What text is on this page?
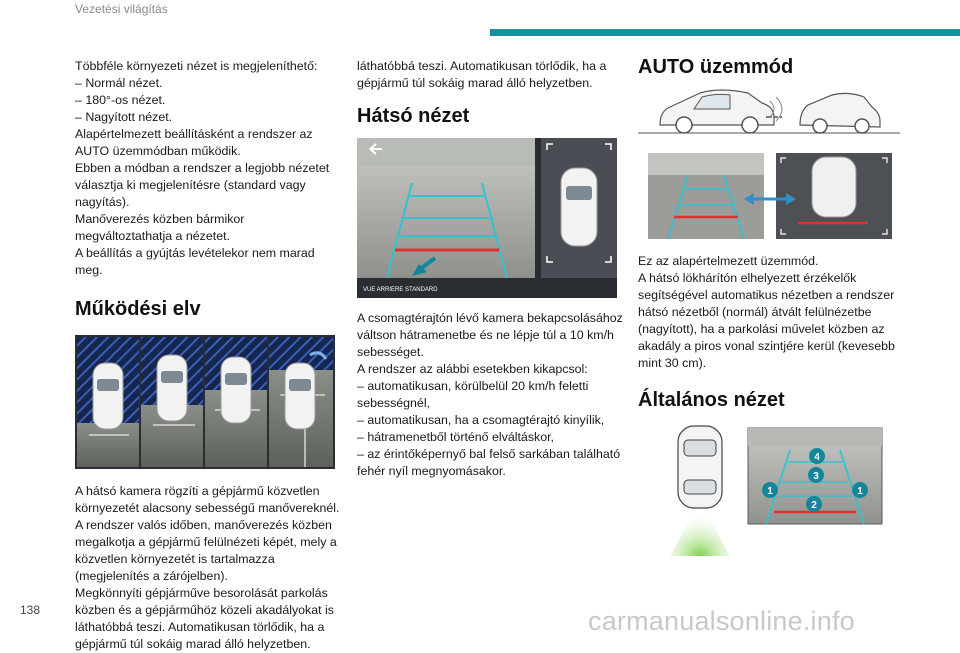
Vezetési világítás

Többféle környezeti nézet is megjeleníthető:

– Normál nézet.

– 180°-os nézet.

– Nagyított nézet.

Alapértelmezett beállításként a rendszer az AUTO üzemmódban működik.

Ebben a módban a rendszer a legjobb nézetet választja ki megjelenítésre (standard vagy nagyítás).

Manőverezés közben bármikor megváltoztathatja a nézetet.

A beállítás a gyújtás levételekor nem marad meg.

Működési elv

A hátsó kamera rögzíti a gépjármű közvetlen környezetét alacsony sebességű manővereknél.

A rendszer valós időben, manőverezés közben megalkotja a gépjármű felülnézeti képét, mely a közvetlen környezetét is tartalmazza (megjelenítés a zárójelben).

Megkönnyíti gépjárműve besorolását parkolás közben és a gépjárműhöz közeli akadályokat is láthatóbbá teszi. Automatikusan törlődik, ha a gépjármű túl sokáig marad álló helyzetben.

láthatóbbá teszi. Automatikusan törlődik, ha a

gépjármű túl sokáig marad álló helyzetben.

Hátsó nézet
VUE ARRIERE STANDARD

A csomagtérajtón lévő kamera bekapcsolásához váltson hátramenetbe és ne lépje túl a 10 km/h sebességet.

A rendszer az alábbi esetekben kikapcsol:

– automatikusan, körülbelül 20 km/h feletti sebességnél,

– automatikusan, ha a csomagtérajtó kinyílik,

– hátramenetből történő elváltáskor,

– az érintőképernyő bal felső sarkában található fehér nyíl megnyomásakor.

AUTO üzemmód

Ez az alapértelmezett üzemmód.

A hátsó lökhárítón elhelyezett érzékelők segítségével automatikus nézetben a rendszer hátsó nézetből (normál) átvált felülnézetbe (nagyított), ha a parkolási művelet közben az akadály a piros vonal szintjére kerül (kevesebb mint 30 cm).

Általános nézet
4
3
1	1
2
138	carmanualsonline.info
